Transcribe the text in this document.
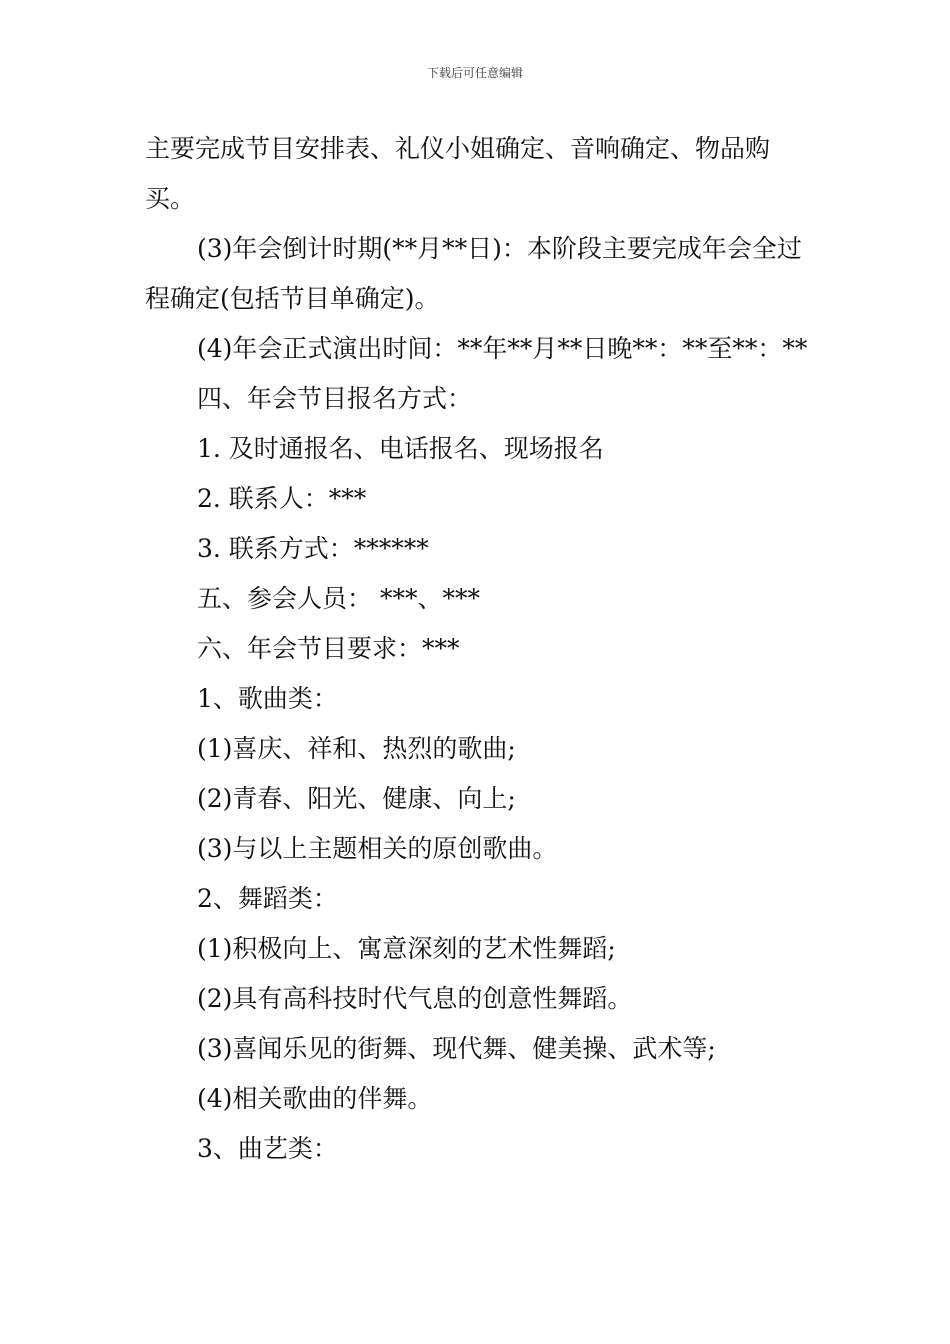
下载后可任意编辑

主要完成节目安排表、礼仪小姐确定、音响确定、物品购买。

(3)年会倒计时期(**月**日)：本阶段主要完成年会全过程确定(包括节目单确定)。

(4)年会正式演出时间：**年**月**日晚**：**至**：**

四、年会节目报名方式：

1. 及时通报名、电话报名、现场报名

2. 联系人：***

3. 联系方式：******

五、参会人员： ***、***

六、年会节目要求：***

1、歌曲类：

(1)喜庆、祥和、热烈的歌曲;

(2)青春、阳光、健康、向上;

(3)与以上主题相关的原创歌曲。

2、舞蹈类：

(1)积极向上、寓意深刻的艺术性舞蹈;

(2)具有高科技时代气息的创意性舞蹈。

(3)喜闻乐见的街舞、现代舞、健美操、武术等;

(4)相关歌曲的伴舞。

3、曲艺类：
